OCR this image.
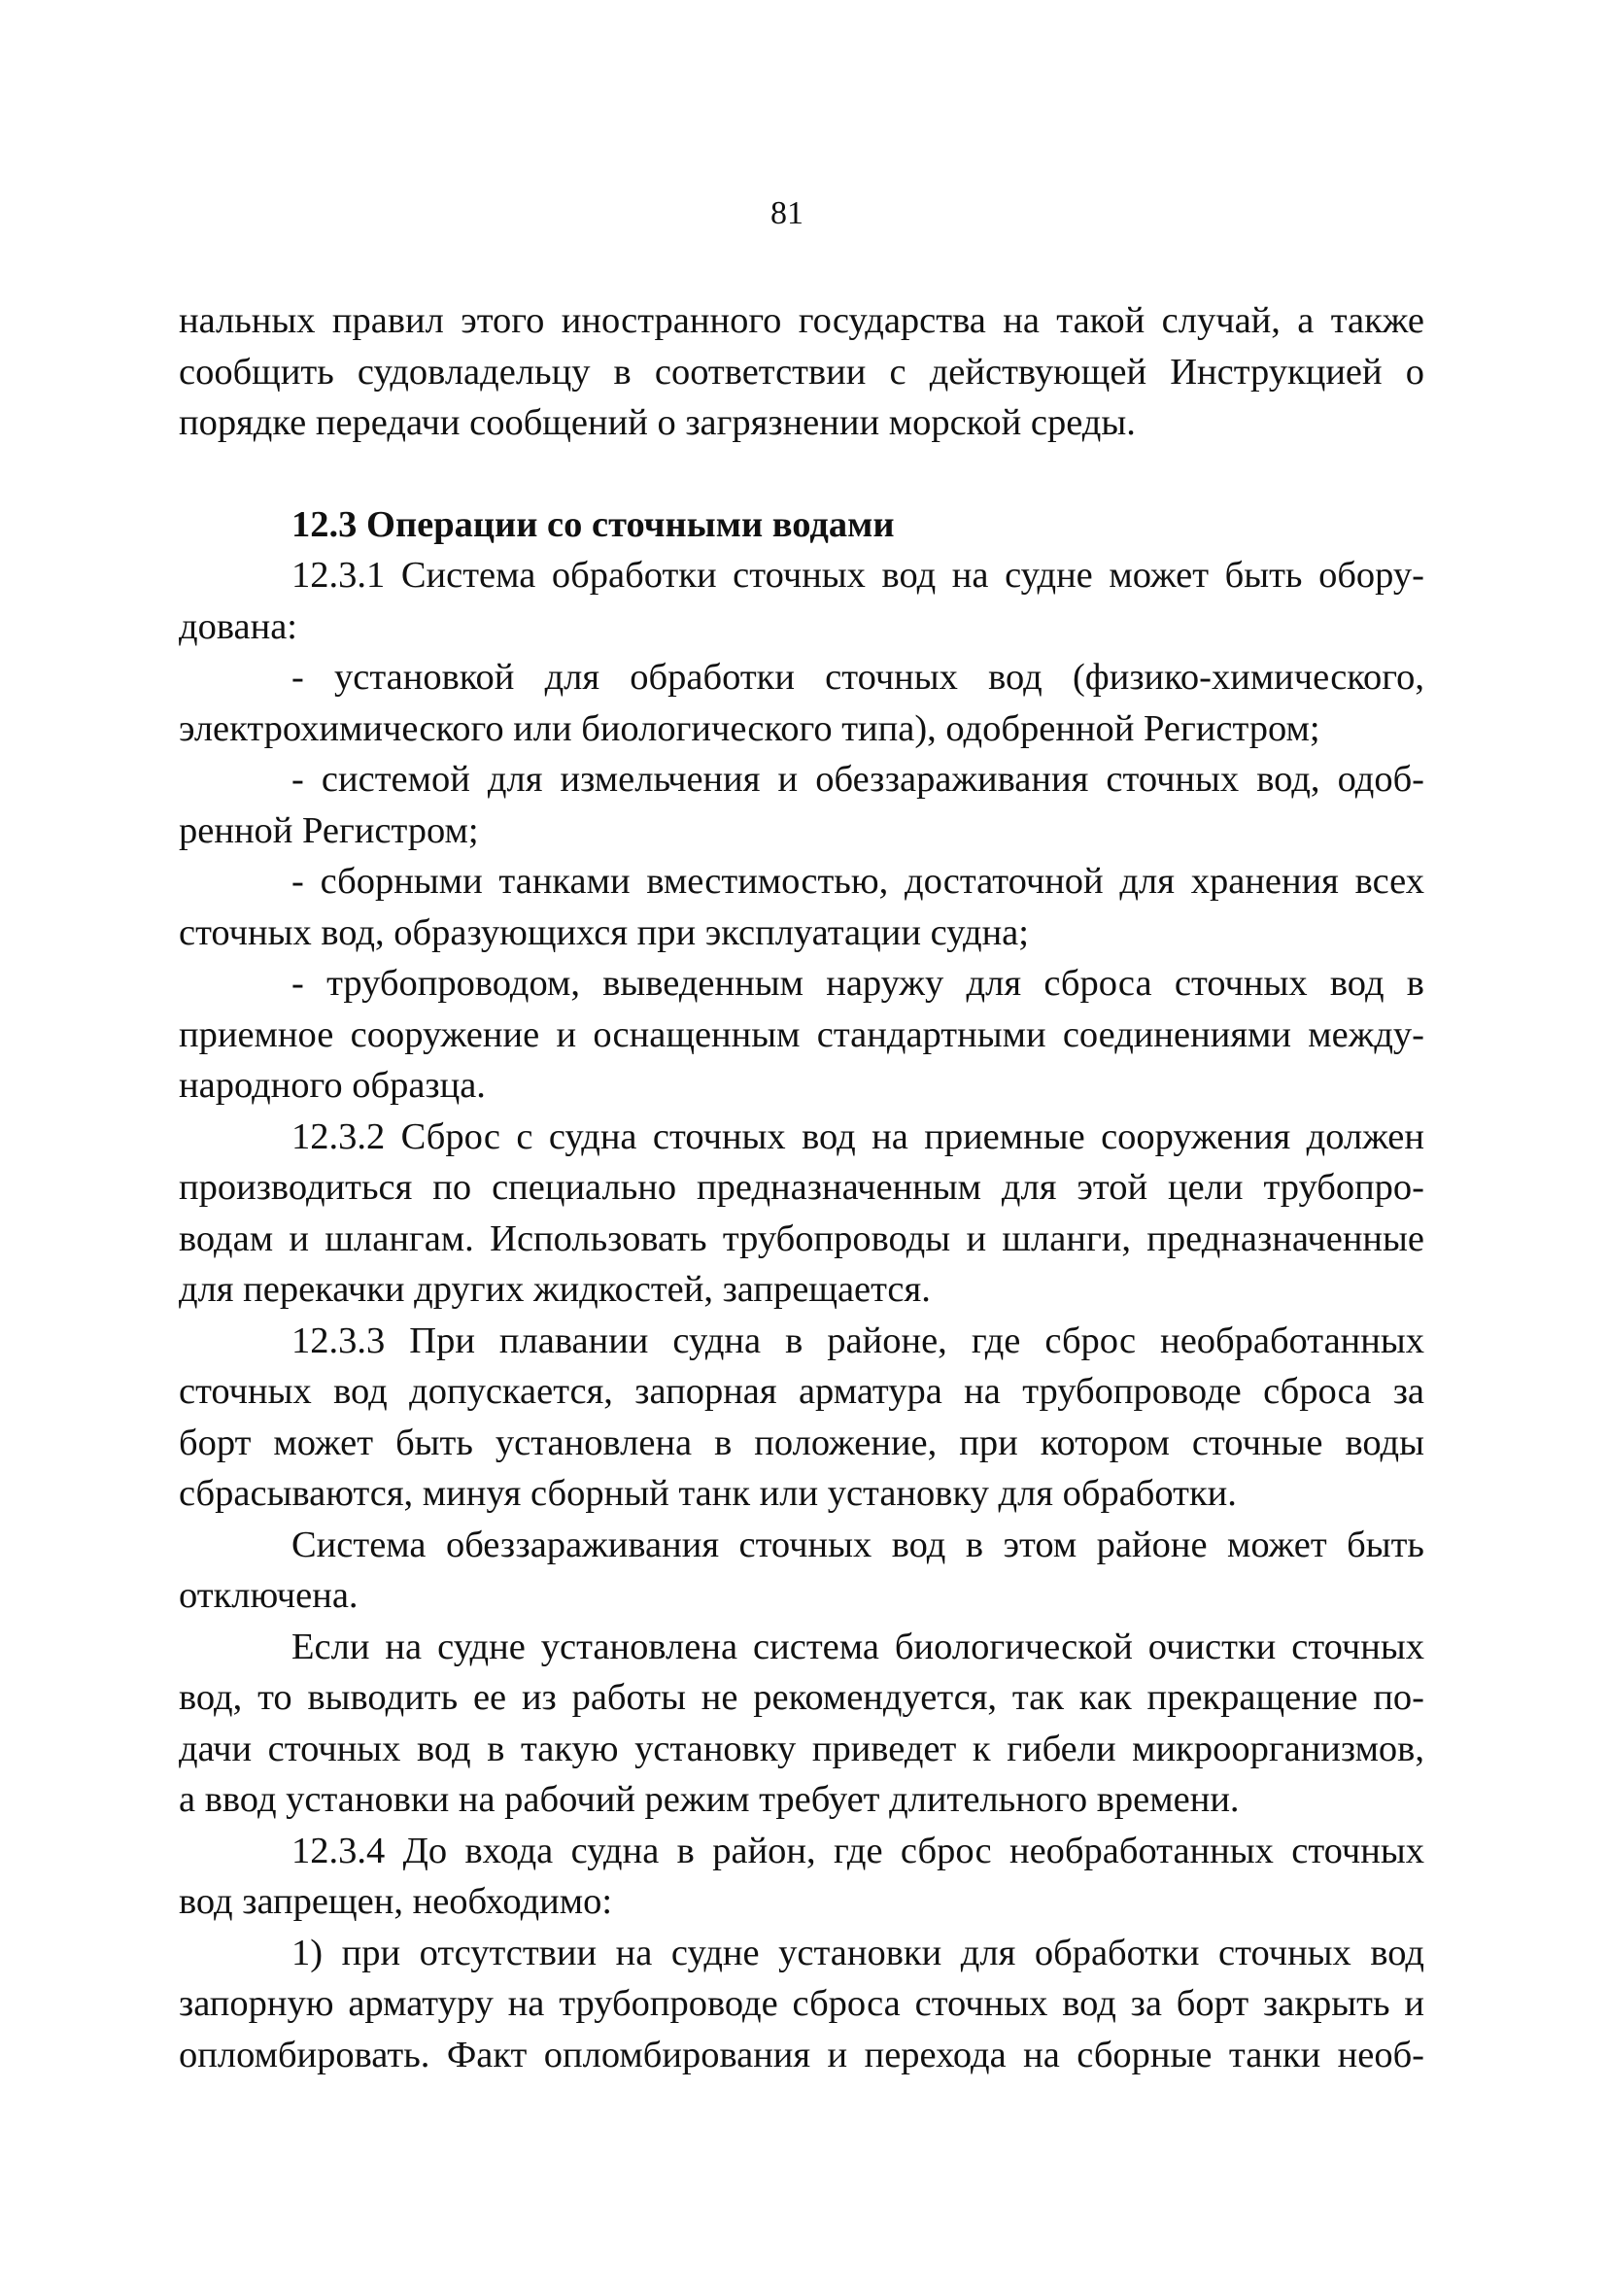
81

нальных правил этого иностранного государства на такой случай, а также
сообщить судовладельцу в соответствии с действующей Инструкцией о
порядке передачи сообщений о загрязнении морской среды.

12.3 Операции со сточными водами

12.3.1 Система обработки сточных вод на судне может быть обору-
дована:

- установкой для обработки сточных вод (физико-химического,
электрохимического или биологического типа), одобренной Регистром;

- системой для измельчения и обеззараживания сточных вод, одоб-
ренной Регистром;

- сборными танками вместимостью, достаточной для хранения всех
сточных вод, образующихся при эксплуатации судна;

- трубопроводом, выведенным наружу для сброса сточных вод в
приемное сооружение и оснащенным стандартными соединениями между-
народного образца.

12.3.2 Сброс с судна сточных вод на приемные сооружения должен
производиться по специально предназначенным для этой цели трубопро-
водам и шлангам. Использовать трубопроводы и шланги, предназначенные
для перекачки других жидкостей, запрещается.

12.3.3 При плавании судна в районе, где сброс необработанных
сточных вод допускается, запорная арматура на трубопроводе сброса за
борт может быть установлена в положение, при котором сточные воды
сбрасываются, минуя сборный танк или установку для обработки.

Система обеззараживания сточных вод в этом районе может быть
отключена.

Если на судне установлена система биологической очистки сточных
вод, то выводить ее из работы не рекомендуется, так как прекращение по-
дачи сточных вод в такую установку приведет к гибели микроорганизмов,
а ввод установки на рабочий режим требует длительного времени.

12.3.4 До входа судна в район, где сброс необработанных сточных
вод запрещен, необходимо:

1) при отсутствии на судне установки для обработки сточных вод
запорную арматуру на трубопроводе сброса сточных вод за борт закрыть и
опломбировать. Факт опломбирования и перехода на сборные танки необ-
